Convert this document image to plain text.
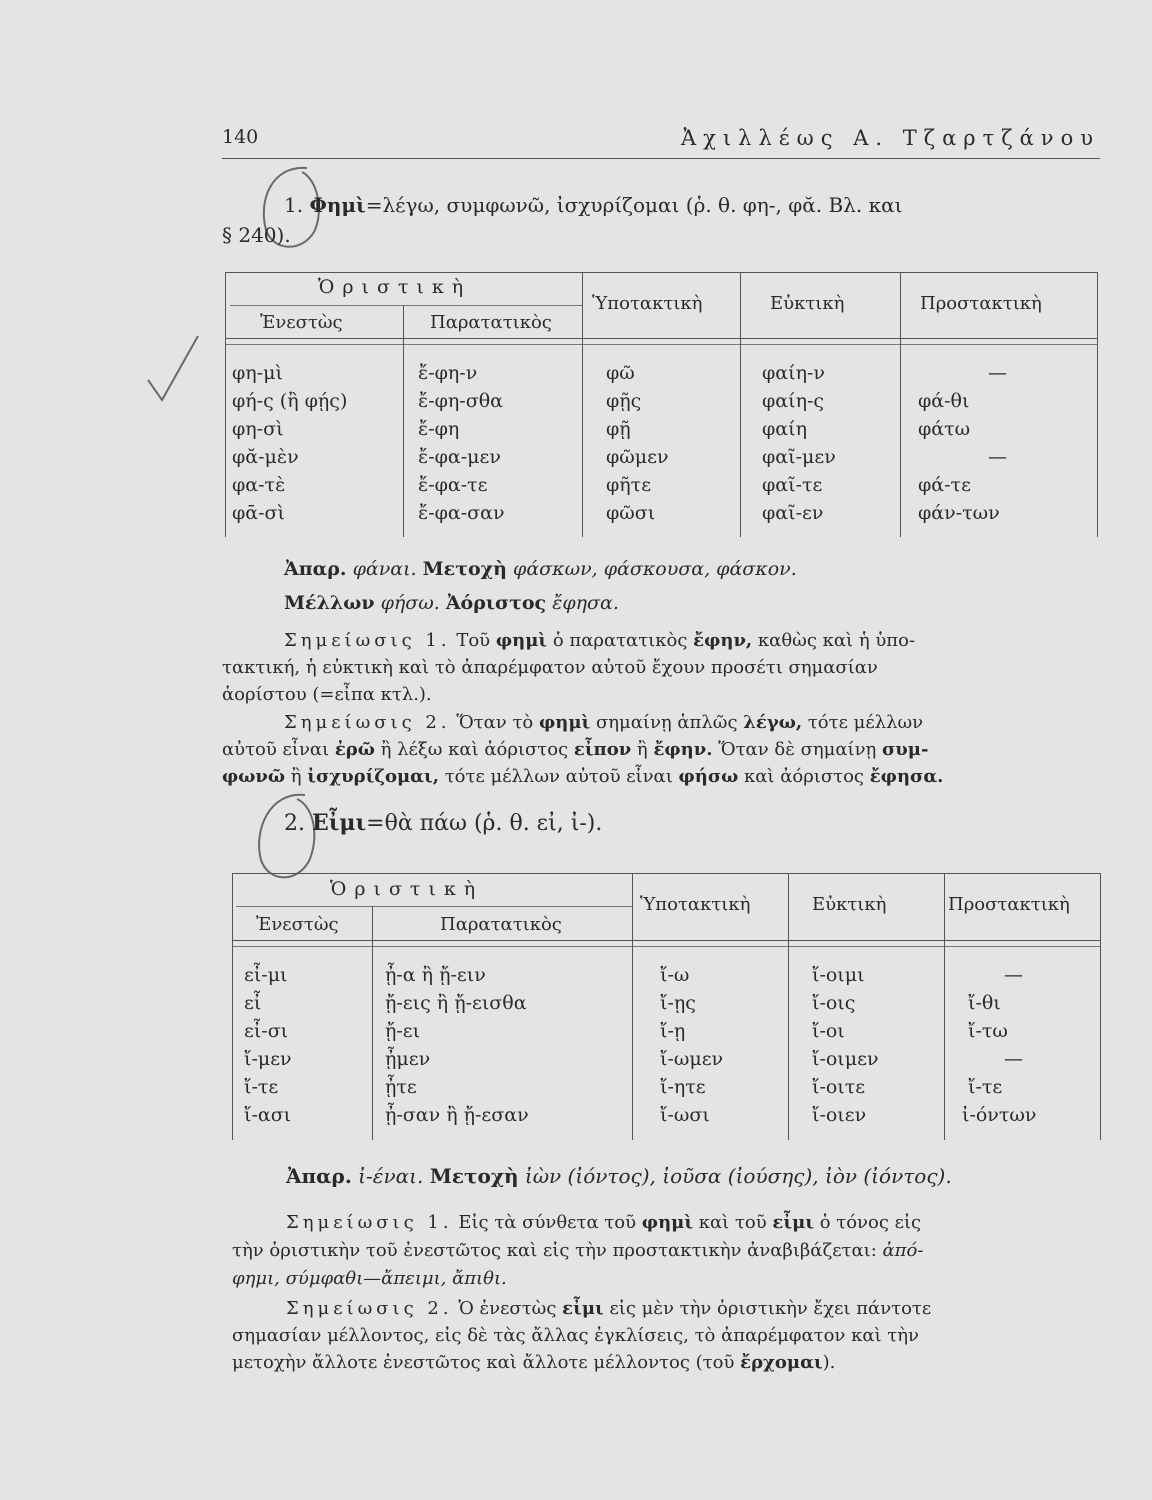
140	Ἀχιλλέως Α. Τζαρτζάνου
1. Φημὶ=λέγω, συμφωνῶ, ἰσχυρίζομαι (ῥ. θ. φη-, φᾰ. Βλ. και
§ 240).
Ὁριστικὴ
Ἐνεστὼς	Παρατατικὸς
Ὑποτακτικὴ	Εὐκτικὴ	Προστακτικὴ
φη-μὶ	ἔ-φη-ν	φῶ	φαίη-ν	—
φή-ς (ἢ φῄς)	ἔ-φη-σθα	φῇς	φαίη-ς	φά-θι
φη-σὶ	ἔ-φη	φῇ	φαίη	φάτω
φᾰ-μὲν	ἔ-φα-μεν	φῶμεν	φαῖ-μεν	—
φα-τὲ	ἔ-φα-τε	φῆτε	φαῖ-τε	φά-τε
φᾱ-σὶ	ἔ-φα-σαν	φῶσι	φαῖ-εν	φάν-των
Ἀπαρ. φάναι. Μετοχὴ φάσκων, φάσκουσα, φάσκον.
Μέλλων φήσω. Ἀόριστος ἔφησα.
Σημείωσις 1. Τοῦ φημὶ ὁ παρατατικὸς ἔφην, καθὼς καὶ ἡ ὑπο-
τακτική, ἡ εὐκτικὴ καὶ τὸ ἀπαρέμφατον αὐτοῦ ἔχουν προσέτι σημασίαν
ἀορίστου (=εἶπα κτλ.).
Σημείωσις 2. Ὅταν τὸ φημὶ σημαίνῃ ἁπλῶς λέγω, τότε μέλλων
αὐτοῦ εἶναι ἐρῶ ἢ λέξω καὶ ἀόριστος εἶπον ἢ ἔφην. Ὅταν δὲ σημαίνῃ συμ-
φωνῶ ἢ ἰσχυρίζομαι, τότε μέλλων αὐτοῦ εἶναι φήσω καὶ ἀόριστος ἔφησα.
2. Εἶμι=θὰ πάω (ῥ. θ. εἰ, ἰ-).
Ὁριστικὴ
Ἐνεστὼς	Παρατατικὸς
Ὑποτακτικὴ	Εὐκτικὴ	Προστακτικὴ
εἶ-μι	ᾖ-α ἢ ᾔ-ειν	ἴ-ω	ἴ-οιμι	—
εἶ	ᾔ-εις ἢ ᾔ-εισθα	ἴ-ῃς	ἴ-οις	ἴ-θι
εἶ-σι	ᾔ-ει	ἴ-ῃ	ἴ-οι	ἴ-τω
ἴ-μεν	ᾖμεν	ἴ-ωμεν	ἴ-οιμεν	—
ἴ-τε	ᾖτε	ἴ-ητε	ἴ-οιτε	ἴ-τε
ἴ-ασι	ᾖ-σαν ἢ ᾔ-εσαν	ἴ-ωσι	ἴ-οιεν	ἰ-όντων
Ἀπαρ. ἰ-έναι. Μετοχὴ ἰὼν (ἰόντος), ἰοῦσα (ἰούσης), ἰὸν (ἰόντος).
Σημείωσις 1. Εἰς τὰ σύνθετα τοῦ φημὶ καὶ τοῦ εἶμι ὁ τόνος εἰς
τὴν ὁριστικὴν τοῦ ἐνεστῶτος καὶ εἰς τὴν προστακτικὴν ἀναβιβάζεται: ἀπό-
φημι, σύμφαθι—ἄπειμι, ἄπιθι.
Σημείωσις 2. Ὁ ἐνεστὼς εἶμι εἰς μὲν τὴν ὁριστικὴν ἔχει πάντοτε
σημασίαν μέλλοντος, εἰς δὲ τὰς ἄλλας ἐγκλίσεις, τὸ ἀπαρέμφατον καὶ τὴν
μετοχὴν ἄλλοτε ἐνεστῶτος καὶ ἄλλοτε μέλλοντος (τοῦ ἔρχομαι).
